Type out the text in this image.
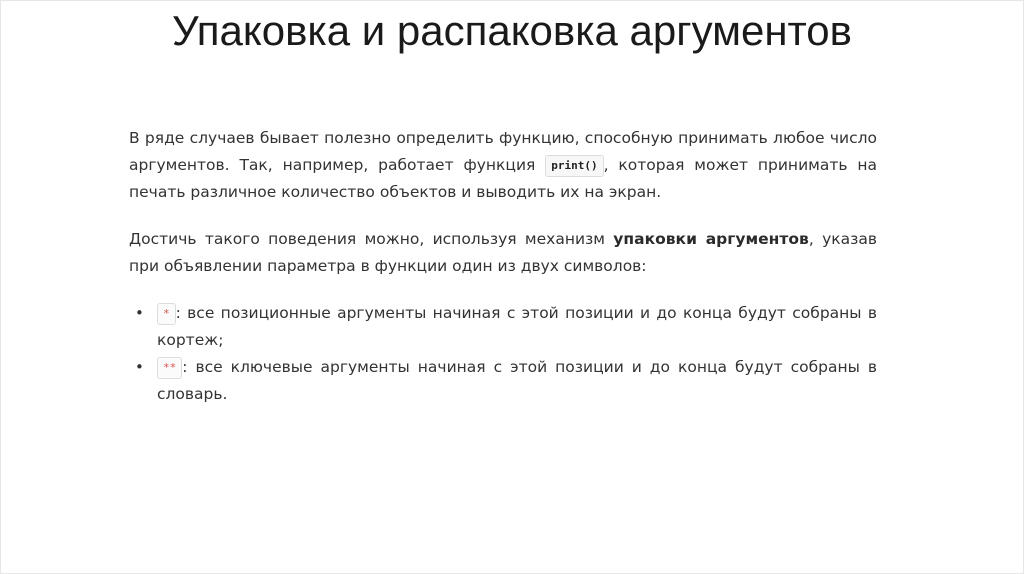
Упаковка и распаковка аргументов

В ряде случаев бывает полезно определить функцию, способную принимать любое число аргументов. Так, например, работает функция print() , которая может принимать на печать различное количество объектов и выводить их на экран.

Достичь такого поведения можно, используя механизм упаковки аргументов, указав при объявлении параметра в функции один из двух символов:

• * : все позиционные аргументы начиная с этой позиции и до конца будут собраны в кортеж;
• ** : все ключевые аргументы начиная с этой позиции и до конца будут собраны в словарь.
